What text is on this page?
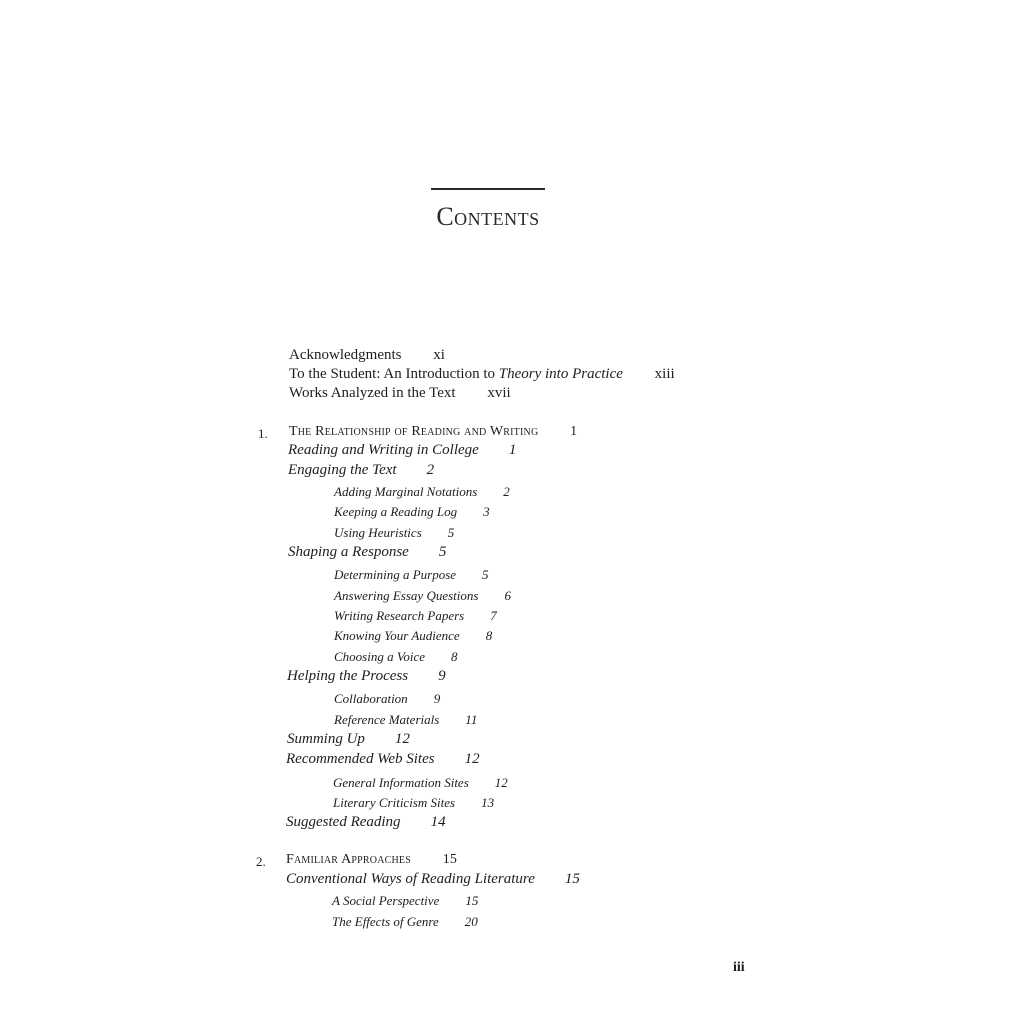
Contents
Acknowledgments xi
To the Student: An Introduction to Theory into Practice xiii
Works Analyzed in the Text xvii
1. The Relationship of Reading and Writing 1
Reading and Writing in College 1
Engaging the Text 2
Adding Marginal Notations 2
Keeping a Reading Log 3
Using Heuristics 5
Shaping a Response 5
Determining a Purpose 5
Answering Essay Questions 6
Writing Research Papers 7
Knowing Your Audience 8
Choosing a Voice 8
Helping the Process 9
Collaboration 9
Reference Materials 11
Summing Up 12
Recommended Web Sites 12
General Information Sites 12
Literary Criticism Sites 13
Suggested Reading 14
2. Familiar Approaches 15
Conventional Ways of Reading Literature 15
A Social Perspective 15
The Effects of Genre 20
iii
